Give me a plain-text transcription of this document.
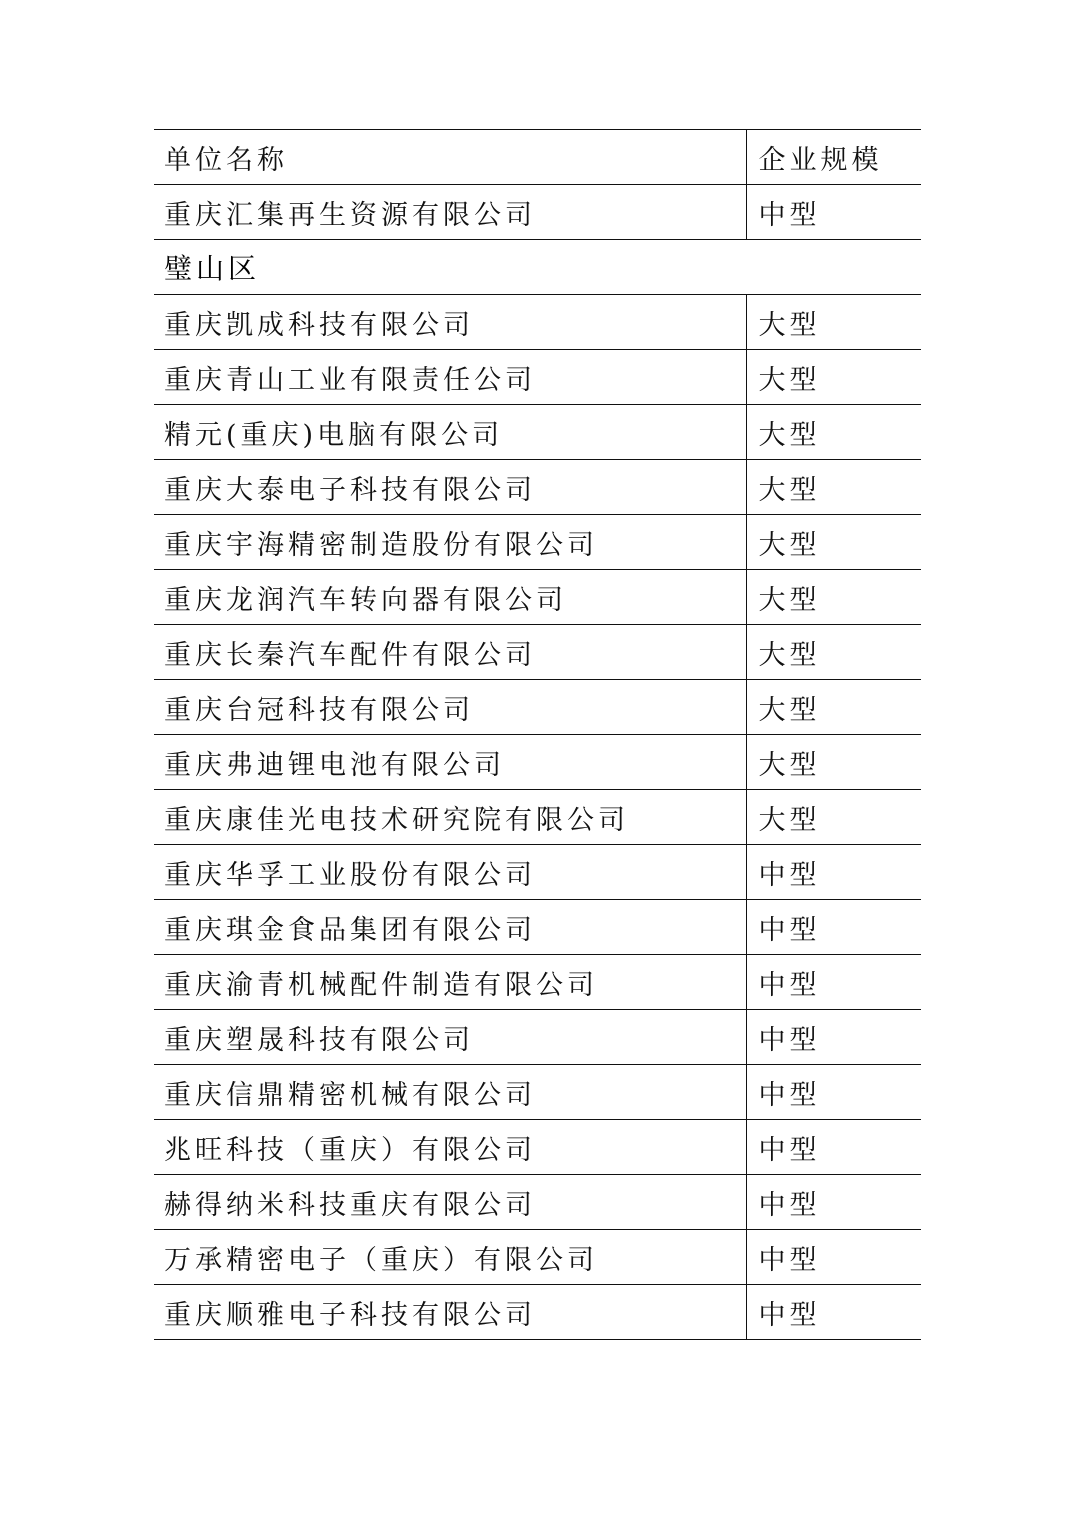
单位名称	企业规模
重庆汇集再生资源有限公司	中型
璧山区	
重庆凯成科技有限公司	大型
重庆青山工业有限责任公司	大型
精元(重庆)电脑有限公司	大型
重庆大泰电子科技有限公司	大型
重庆宇海精密制造股份有限公司	大型
重庆龙润汽车转向器有限公司	大型
重庆长秦汽车配件有限公司	大型
重庆台冠科技有限公司	大型
重庆弗迪锂电池有限公司	大型
重庆康佳光电技术研究院有限公司	大型
重庆华孚工业股份有限公司	中型
重庆琪金食品集团有限公司	中型
重庆渝青机械配件制造有限公司	中型
重庆塑晟科技有限公司	中型
重庆信鼎精密机械有限公司	中型
兆旺科技（重庆）有限公司	中型
赫得纳米科技重庆有限公司	中型
万承精密电子（重庆）有限公司	中型
重庆顺雅电子科技有限公司	中型
